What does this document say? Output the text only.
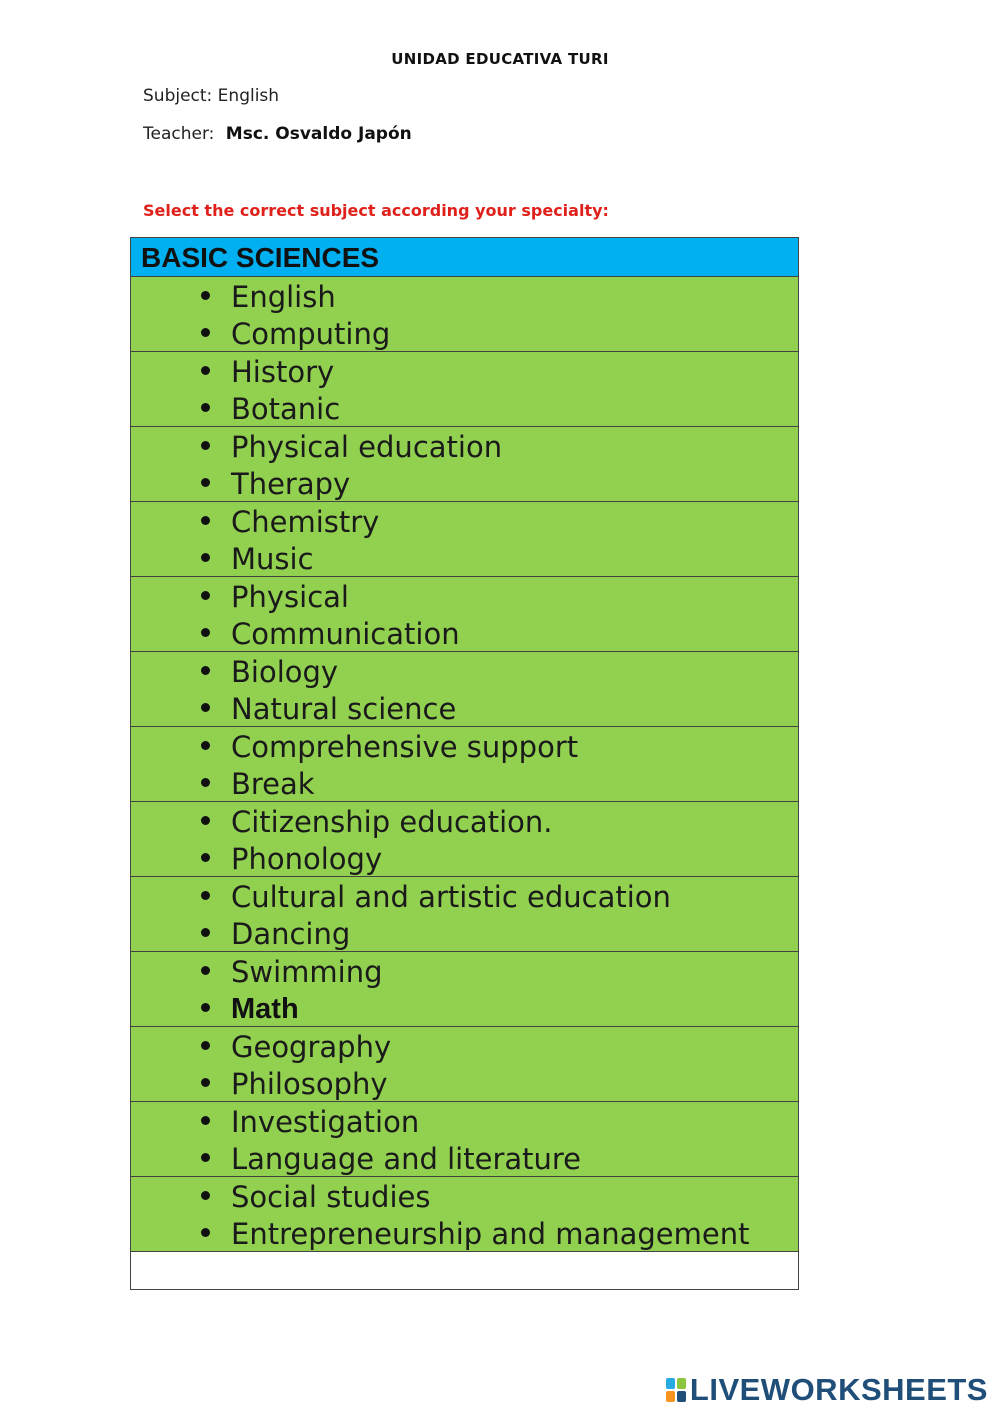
UNIDAD EDUCATIVA TURI
Subject: English
Teacher: Msc. Osvaldo Japón
Select the correct subject according your specialty:
BASIC SCIENCES
English
Computing
History
Botanic
Physical education
Therapy
Chemistry
Music
Physical
Communication
Biology
Natural science
Comprehensive support
Break
Citizenship education.
Phonology
Cultural and artistic education
Dancing
Swimming
Math
Geography
Philosophy
Investigation
Language and literature
Social studies
Entrepreneurship and management
LIVEWORKSHEETS
